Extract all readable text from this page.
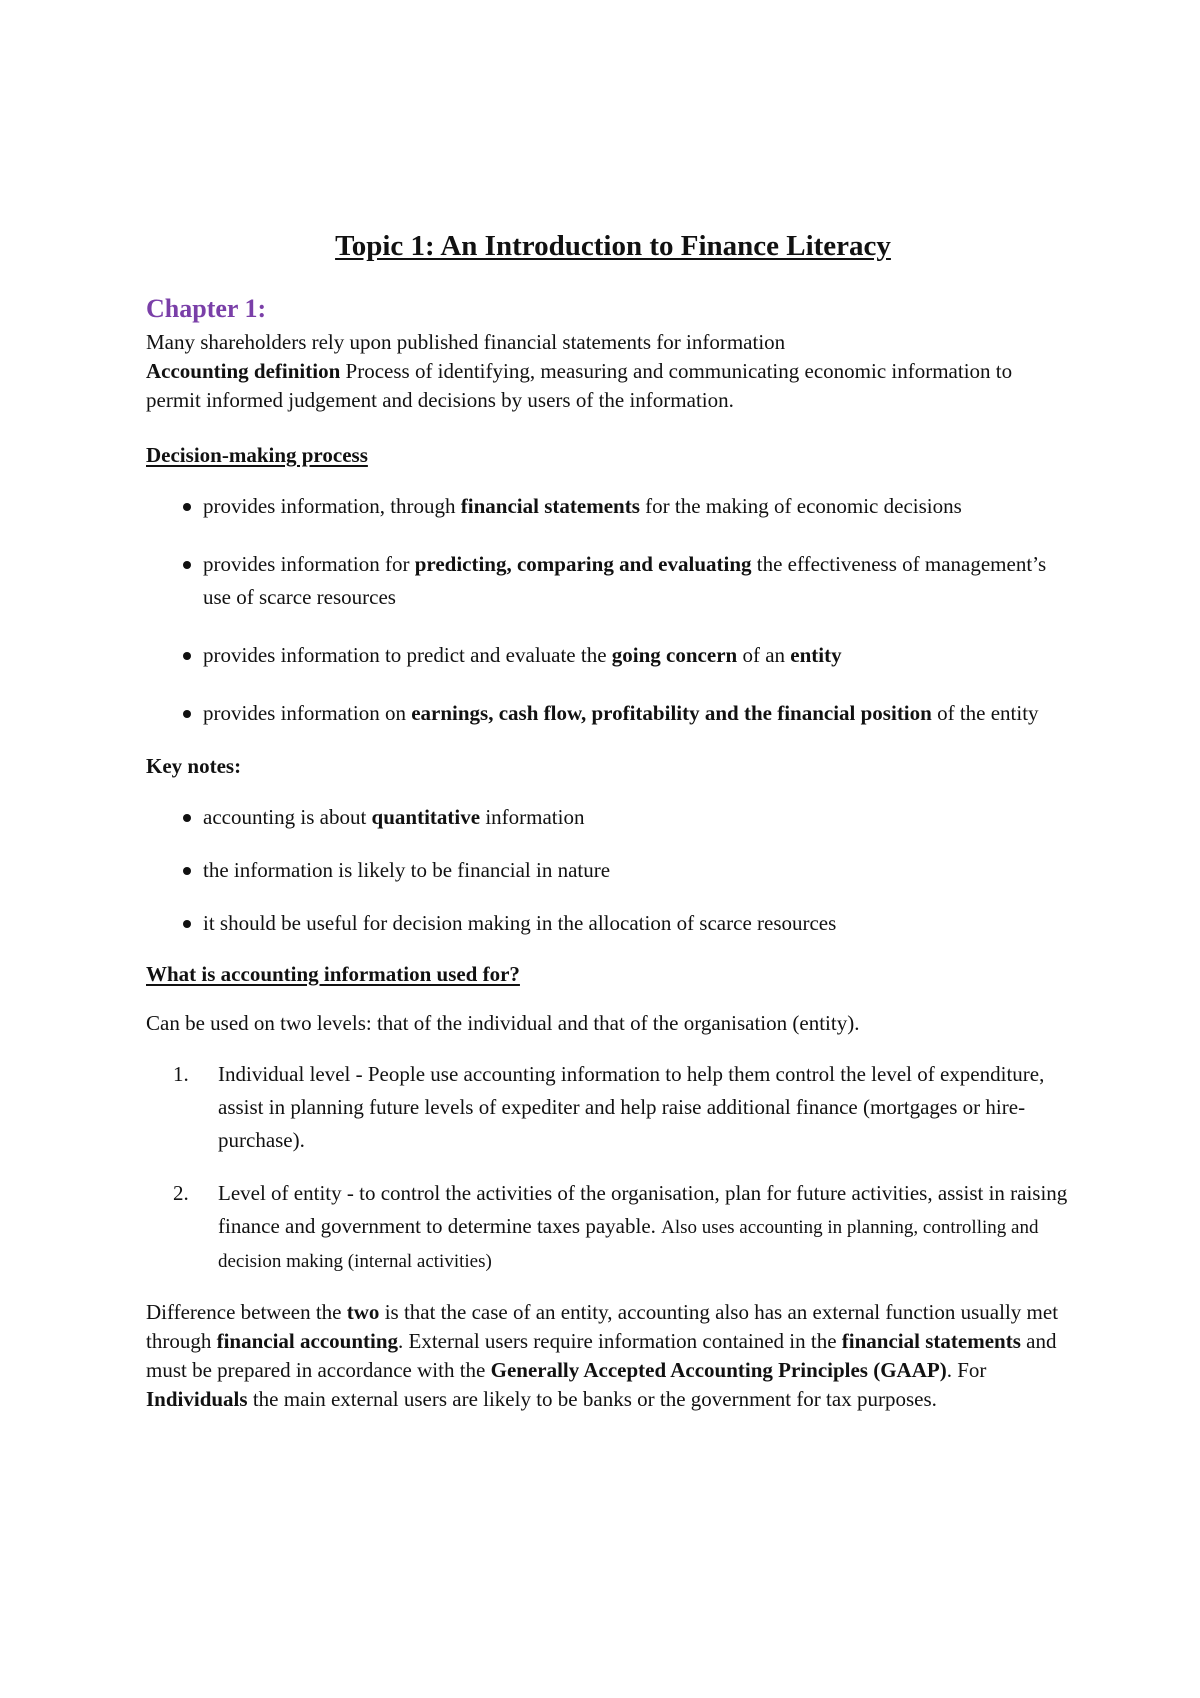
Topic 1: An Introduction to Finance Literacy
Chapter 1:

Many shareholders rely upon published financial statements for information

Accounting definition Process of identifying, measuring and communicating economic information to permit informed judgement and decisions by users of the information.

Decision-making process

provides information, through financial statements for the making of economic decisions
provides information for predicting, comparing and evaluating the effectiveness of management’s use of scarce resources
provides information to predict and evaluate the going concern of an entity
provides information on earnings, cash flow, profitability and the financial position of the entity

Key notes:

accounting is about quantitative information
the information is likely to be financial in nature
it should be useful for decision making in the allocation of scarce resources

What is accounting information used for?

Can be used on two levels: that of the individual and that of the organisation (entity).

1. Individual level - People use accounting information to help them control the level of expenditure, assist in planning future levels of expediter and help raise additional finance (mortgages or hire-purchase).
2. Level of entity - to control the activities of the organisation, plan for future activities, assist in raising finance and government to determine taxes payable. Also uses accounting in planning, controlling and decision making (internal activities)

Difference between the two is that the case of an entity, accounting also has an external function usually met through financial accounting. External users require information contained in the financial statements and must be prepared in accordance with the Generally Accepted Accounting Principles (GAAP). For Individuals the main external users are likely to be banks or the government for tax purposes.
